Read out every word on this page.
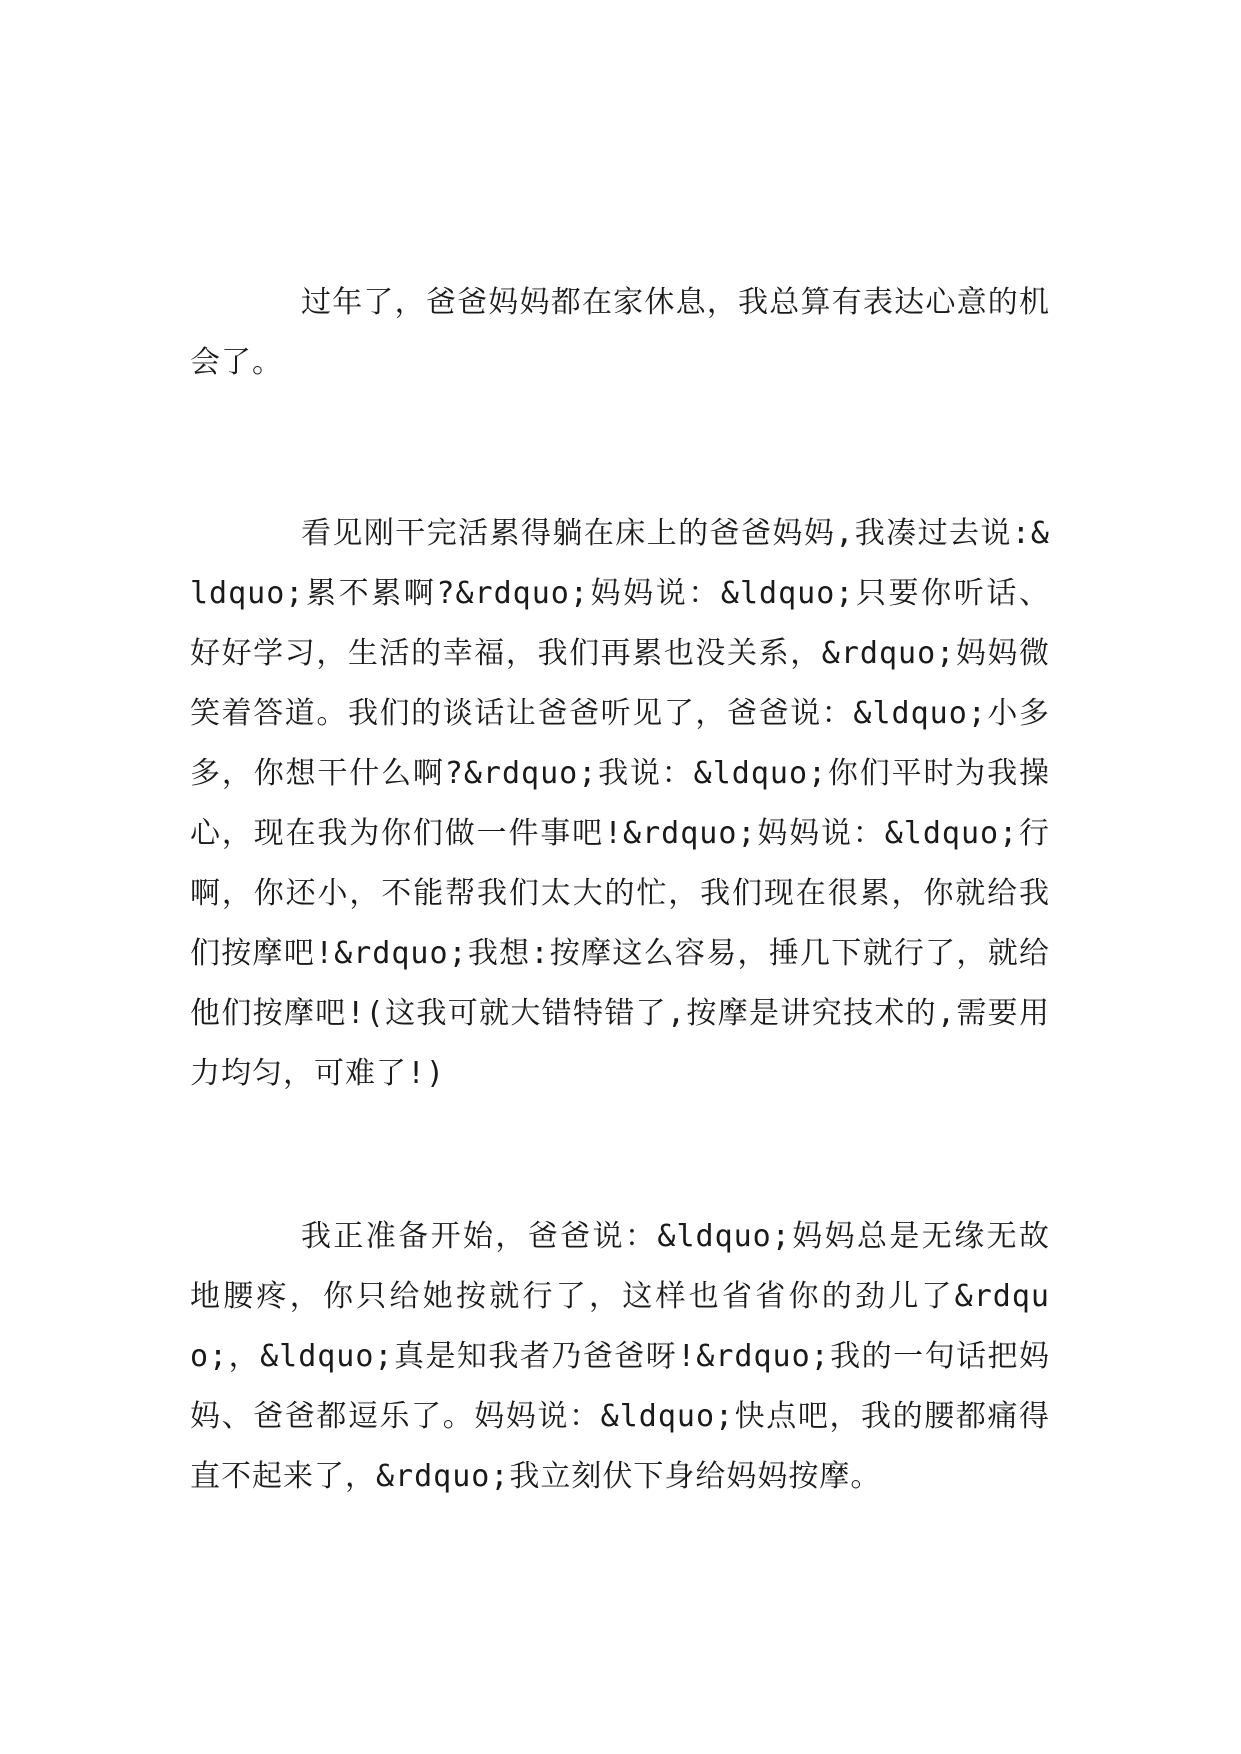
过年了，爸爸妈妈都在家休息，我总算有表达心意的机会了。

看见刚干完活累得躺在床上的爸爸妈妈,我凑过去说:&ldquo;累不累啊?&rdquo;妈妈说：&ldquo;只要你听话、好好学习，生活的幸福，我们再累也没关系，&rdquo;妈妈微笑着答道。我们的谈话让爸爸听见了，爸爸说：&ldquo;小多多，你想干什么啊?&rdquo;我说：&ldquo;你们平时为我操心，现在我为你们做一件事吧!&rdquo;妈妈说：&ldquo;行啊，你还小，不能帮我们太大的忙，我们现在很累，你就给我们按摩吧!&rdquo;我想:按摩这么容易，捶几下就行了，就给他们按摩吧!(这我可就大错特错了,按摩是讲究技术的,需要用力均匀，可难了!)

我正准备开始，爸爸说：&ldquo;妈妈总是无缘无故地腰疼，你只给她按就行了，这样也省省你的劲儿了&rdquo;，&ldquo;真是知我者乃爸爸呀!&rdquo;我的一句话把妈妈、爸爸都逗乐了。妈妈说：&ldquo;快点吧，我的腰都痛得直不起来了，&rdquo;我立刻伏下身给妈妈按摩。
